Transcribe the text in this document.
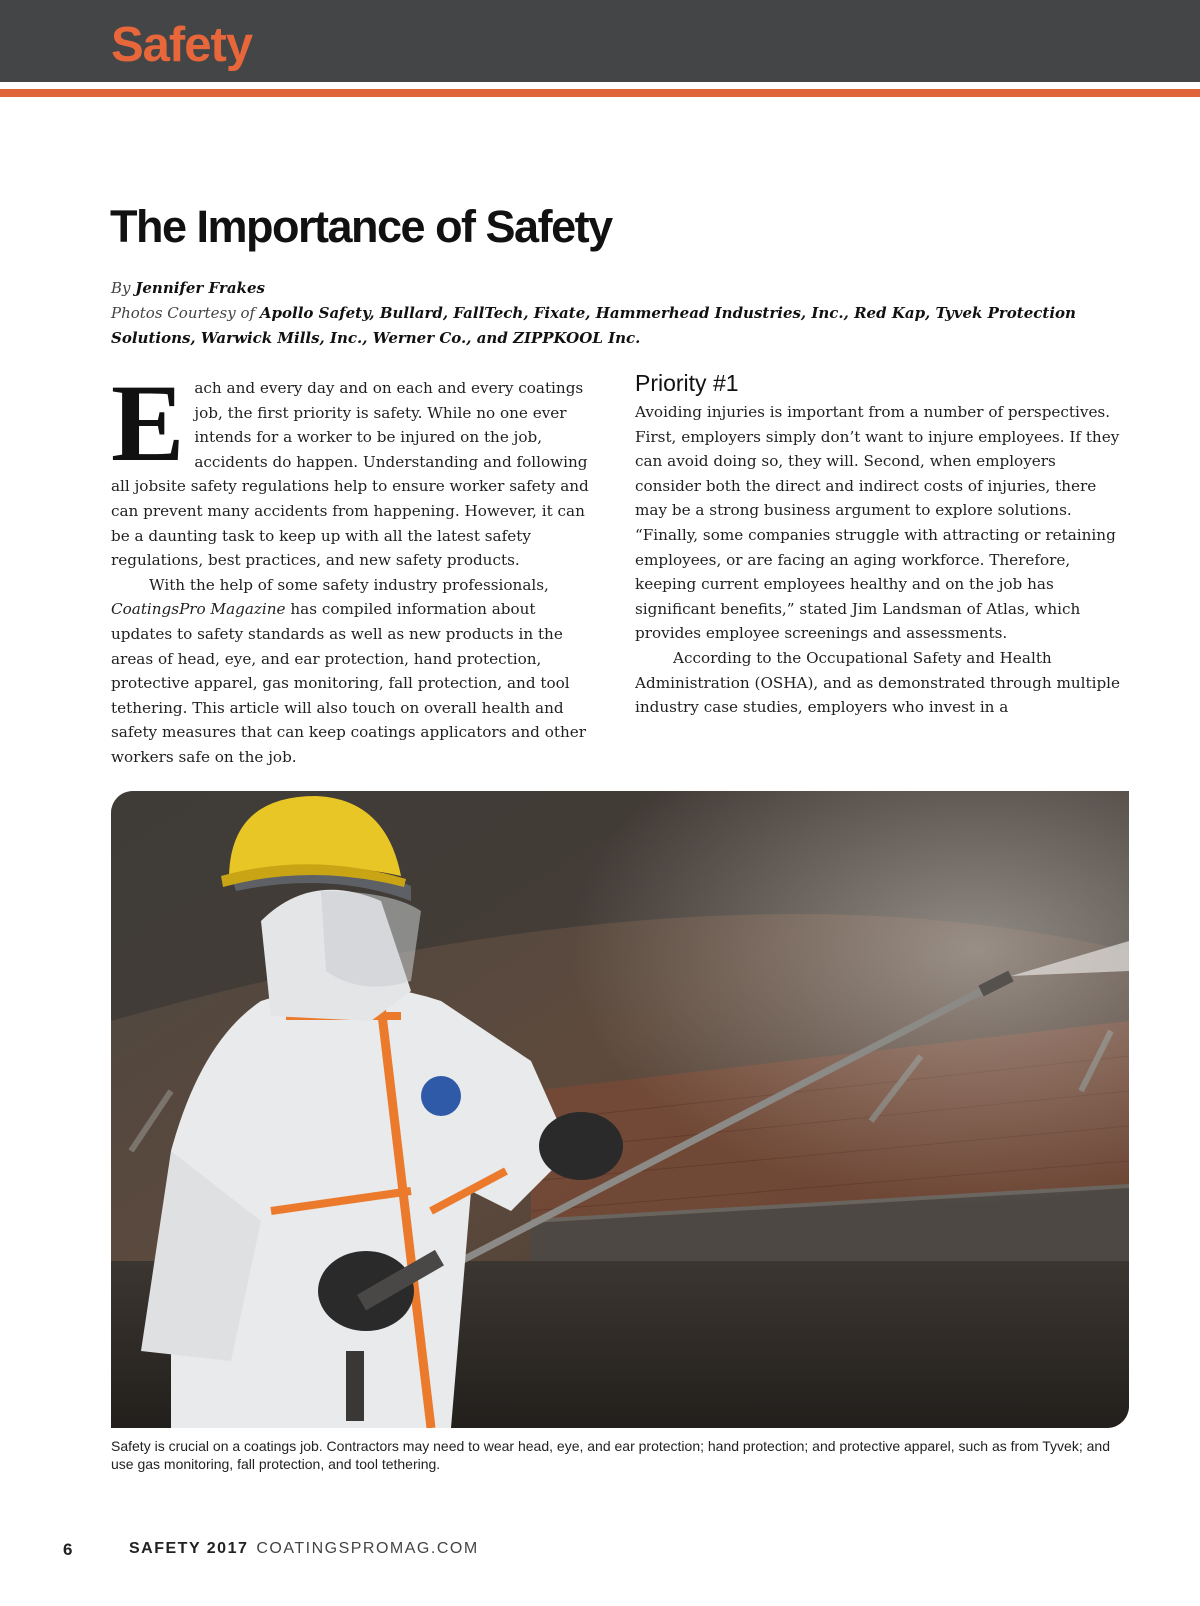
Safety
The Importance of Safety
By Jennifer Frakes
Photos Courtesy of Apollo Safety, Bullard, FallTech, Fixate, Hammerhead Industries, Inc., Red Kap, Tyvek Protection Solutions, Warwick Mills, Inc., Werner Co., and ZIPPKOOL Inc.
E ach and every day and on each and every coatings job, the first priority is safety. While no one ever intends for a worker to be injured on the job, accidents do happen. Understanding and following all jobsite safety regulations help to ensure worker safety and can prevent many accidents from happening. However, it can be a daunting task to keep up with all the latest safety regulations, best practices, and new safety products.

With the help of some safety industry professionals, CoatingsPro Magazine has compiled information about updates to safety standards as well as new products in the areas of head, eye, and ear protection, hand protection, protective apparel, gas monitoring, fall protection, and tool tethering. This article will also touch on overall health and safety measures that can keep coatings applicators and other workers safe on the job.

Priority #1

Avoiding injuries is important from a number of perspectives. First, employers simply don’t want to injure employees. If they can avoid doing so, they will. Second, when employers consider both the direct and indirect costs of injuries, there may be a strong business argument to explore solutions. “Finally, some companies struggle with attracting or retaining employees, or are facing an aging workforce. Therefore, keeping current employees healthy and on the job has significant benefits,” stated Jim Landsman of Atlas, which provides employee screenings and assessments.

According to the Occupational Safety and Health Administration (OSHA), and as demonstrated through multiple industry case studies, employers who invest in a

Safety is crucial on a coatings job. Contractors may need to wear head, eye, and ear protection; hand protection; and protective apparel, such as from Tyvek; and use gas monitoring, fall protection, and tool tethering.
6	SAFETY 2017 COATINGSPROMAG.COM
